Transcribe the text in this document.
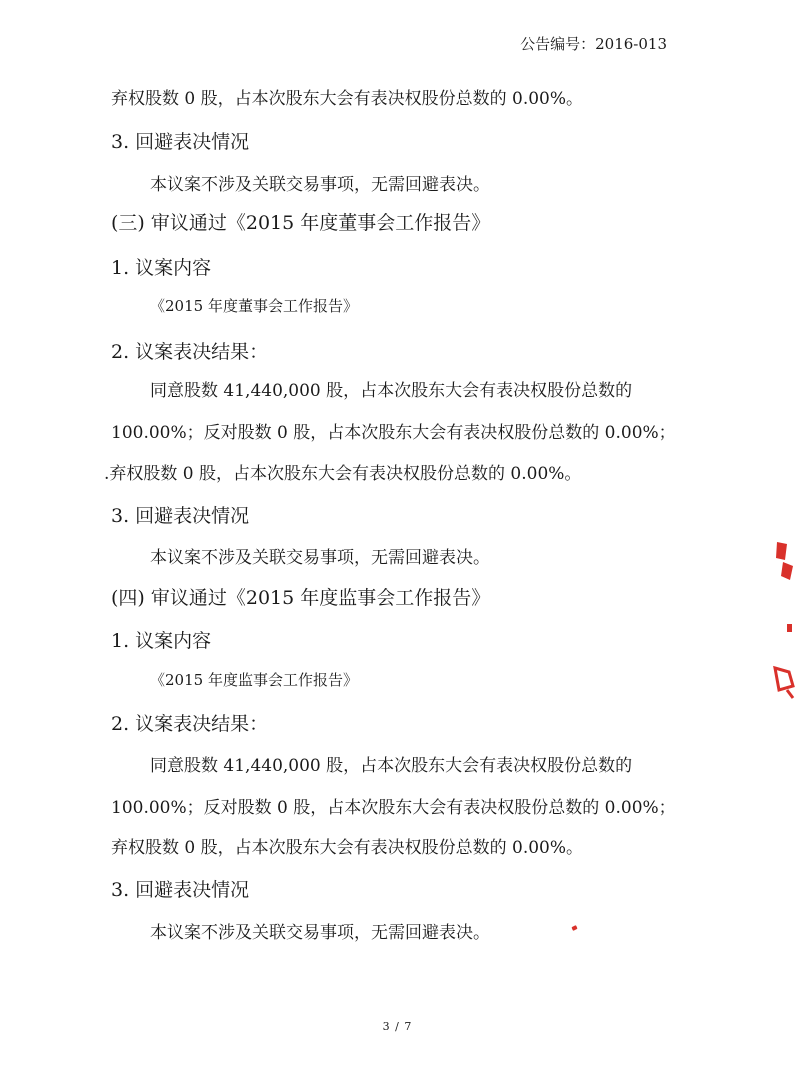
公告编号：2016-013
弃权股数 0 股，占本次股东大会有表决权股份总数的 0.00%。
3. 回避表决情况
本议案不涉及关联交易事项，无需回避表决。
(三) 审议通过《2015 年度董事会工作报告》
1. 议案内容
《2015 年度董事会工作报告》
2. 议案表决结果：
同意股数 41,440,000 股，占本次股东大会有表决权股份总数的
100.00%；反对股数 0 股，占本次股东大会有表决权股份总数的 0.00%；
.弃权股数 0 股，占本次股东大会有表决权股份总数的 0.00%。
3. 回避表决情况
本议案不涉及关联交易事项，无需回避表决。
(四) 审议通过《2015 年度监事会工作报告》
1. 议案内容
《2015 年度监事会工作报告》
2. 议案表决结果：
同意股数 41,440,000 股，占本次股东大会有表决权股份总数的
100.00%；反对股数 0 股，占本次股东大会有表决权股份总数的 0.00%；
弃权股数 0 股，占本次股东大会有表决权股份总数的 0.00%。
3. 回避表决情况
本议案不涉及关联交易事项，无需回避表决。
3 / 7
